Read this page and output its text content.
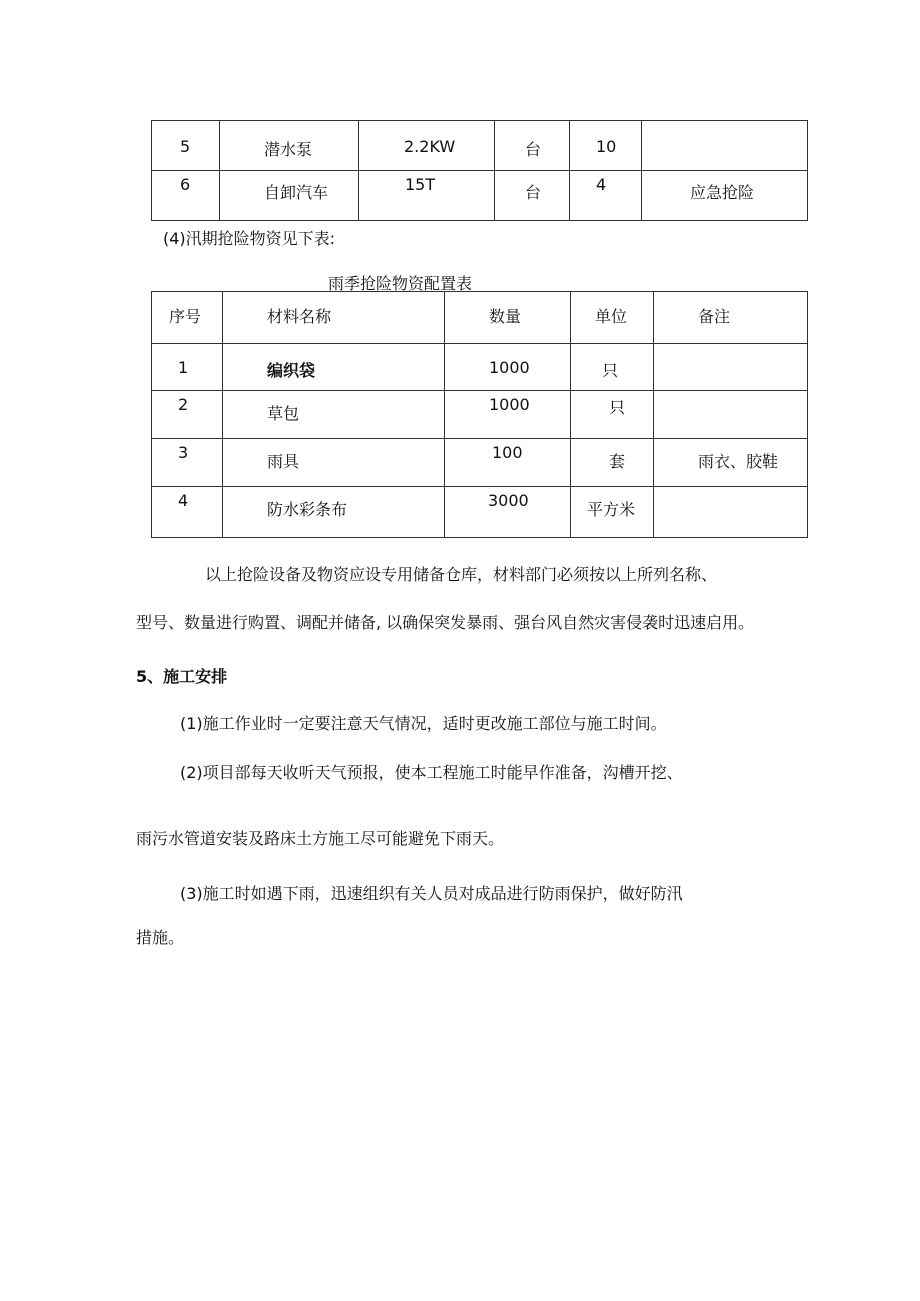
5	潜水泵	2.2KW	台	10	

6	自卸汽车	15T	台	4	应急抢险
(4)汛期抢险物资见下表:
雨季抢险物资配置表
序号	材料名称	数量	单位	备注

1	编织袋	1000	只	

2	草包	1000	只	

3	雨具	100	套	雨衣、胶鞋

4	防水彩条布	3000	平方米	

以上抢险设备及物资应设专用储备仓库，材料部门必须按以上所列名称、
型号、数量进行购置、调配并储备, 以确保突发暴雨、强台风自然灾害侵袭时迅速启用。
5、施工安排
(1)施工作业时一定要注意天气情况，适时更改施工部位与施工时间。
(2)项目部每天收听天气预报，使本工程施工时能早作准备，沟槽开挖、
雨污水管道安装及路床土方施工尽可能避免下雨天。
(3)施工时如遇下雨，迅速组织有关人员对成品进行防雨保护，做好防汛
措施。
